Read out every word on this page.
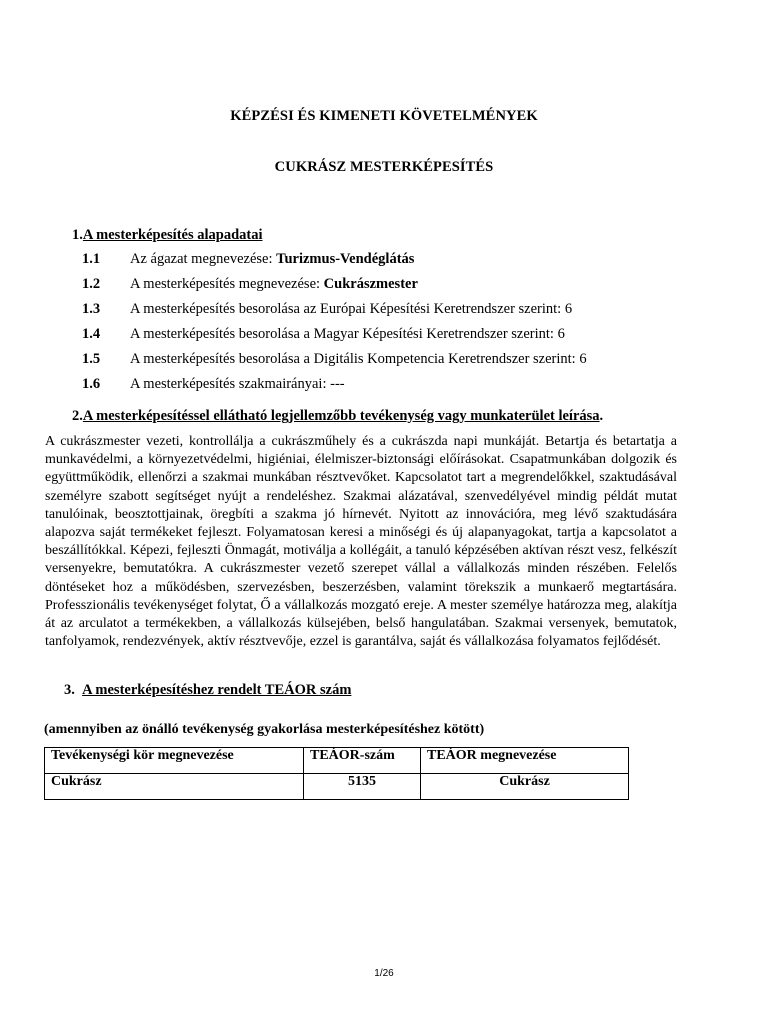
KÉPZÉSI ÉS KIMENETI KÖVETELMÉNYEK
CUKRÁSZ MESTERKÉPESÍTÉS
1.A mesterképesítés alapadatai
1.1 Az ágazat megnevezése: Turizmus-Vendéglátás
1.2 A mesterképesítés megnevezése: Cukrászmester
1.3 A mesterképesítés besorolása az Európai Képesítési Keretrendszer szerint: 6
1.4 A mesterképesítés besorolása a Magyar Képesítési Keretrendszer szerint: 6
1.5 A mesterképesítés besorolása a Digitális Kompetencia Keretrendszer szerint: 6
1.6 A mesterképesítés szakmairányai: ---
2.A mesterképesítéssel ellátható legjellemzőbb tevékenység vagy munkaterület leírása.
A cukrászmester vezeti, kontrollálja a cukrászműhely és a cukrászda napi munkáját. Betartja és betartatja a munkavédelmi, a környezetvédelmi, higiéniai, élelmiszer-biztonsági előírásokat. Csapatmunkában dolgozik és együttműködik, ellenőrzi a szakmai munkában résztvevőket. Kapcsolatot tart a megrendelőkkel, szaktudásával személyre szabott segítséget nyújt a rendeléshez. Szakmai alázatával, szenvedélyével mindig példát mutat tanulóinak, beosztottjainak, öregbíti a szakma jó hírnevét. Nyitott az innovációra, meg lévő szaktudására alapozva saját termékeket fejleszt. Folyamatosan keresi a minőségi és új alapanyagokat, tartja a kapcsolatot a beszállítókkal. Képezi, fejleszti Önmagát, motiválja a kollégáit, a tanuló képzésében aktívan részt vesz, felkészít versenyekre, bemutatókra. A cukrászmester vezető szerepet vállal a vállalkozás minden részében. Felelős döntéseket hoz a működésben, szervezésben, beszerzésben, valamint törekszik a munkaerő megtartására. Professzionális tevékenységet folytat, Ő a vállalkozás mozgató ereje. A mester személye határozza meg, alakítja át az arculatot a termékekben, a vállalkozás külsejében, belső hangulatában. Szakmai versenyek, bemutatok, tanfolyamok, rendezvények, aktív résztvevője, ezzel is garantálva, saját és vállalkozása folyamatos fejlődését.
3. A mesterképesítéshez rendelt TEÁOR szám
(amennyiben az önálló tevékenység gyakorlása mesterképesítéshez kötött)
Tevékenységi kör megnevezése	TEÁOR-szám	TEÁOR megnevezése
Cukrász	5135	Cukrász
1/26
